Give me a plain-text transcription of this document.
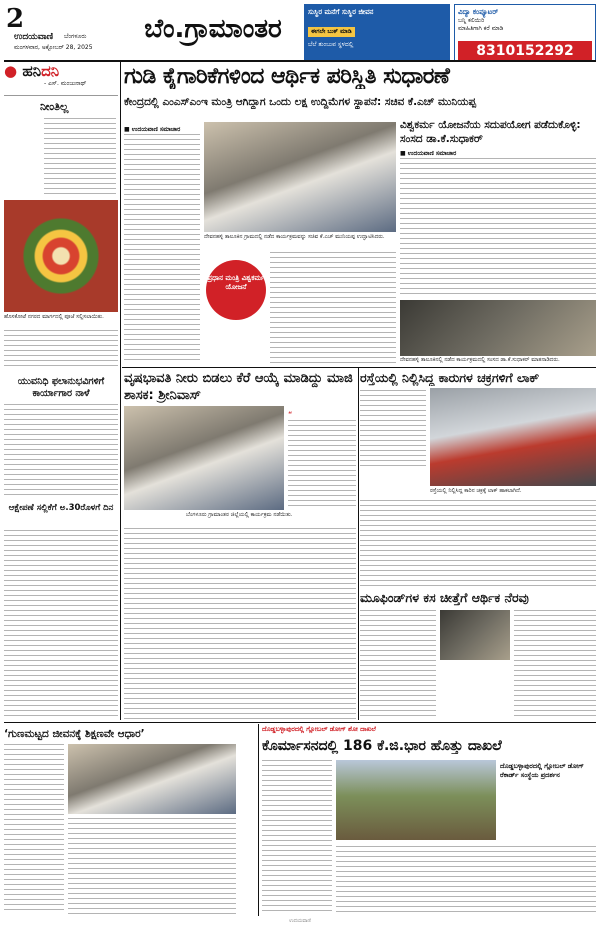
2
ಉದಯವಾಣಿ ಬೆಂಗಳೂರು
ಮಂಗಳವಾರ, ಅಕ್ಟೋಬರ್ 28, 2025
ಬೆಂ.ಗ್ರಾಮಾಂತರ
ಸುಸ್ಥಿರ ಮನೆಗೆ ಸುಸ್ಥಿರ ಜೀವನ
ಈಗಲೇ ಬುಕ್ ಮಾಡಿ
ಬೆಲೆ ತುಂಬುವ ಸ್ಥಳದಲ್ಲಿ
ವಿದ್ಯಾ ಕಂಪ್ಯೂಟರ್
ಬನ್ನಿ ಕಲಿಯಿರಿ
ಮಾಹಿತಿಗಾಗಿ ಕರೆ ಮಾಡಿ
8310152292
● ಹನಿದನಿ
- ಎಸ್. ಮಂಜುನಾಥ್
ನೀಂತಿಲ್ಲ
ಹೊಸಕೋಟೆ ನಗರದ ಮಾರ್ಗದಲ್ಲಿ ಪೂಜೆ ಸಲ್ಲಿಸಲಾಯಿತು.
ಯುವನಿಧಿ ಫಲಾನುಭವಿಗಳಿಗೆ ಕಾರ್ಯಾಗಾರ ನಾಳೆ
ಆಕ್ಷೇಪಣೆ ಸಲ್ಲಿಕೆಗೆ ಅ.30ರೊಳಗೆ ದಿನ
ಗುಡಿ ಕೈಗಾರಿಕೆಗಳಿಂದ ಆರ್ಥಿಕ ಪರಿಸ್ಥಿತಿ ಸುಧಾರಣೆ
ಕೇಂದ್ರದಲ್ಲಿ ಎಂಎಸ್ಎಂಇ ಮಂತ್ರಿ ಆಗಿದ್ದಾಗ ಒಂದು ಲಕ್ಷ ಉದ್ದಿಮೆಗಳ ಸ್ಥಾಪನೆ: ಸಚಿವ ಕೆ.ಎಚ್ ಮುನಿಯಪ್ಪ
■ ಉದಯವಾಣಿ ಸಮಾಚಾರ
ದೇವನಹಳ್ಳಿ ತಾಲೂಕಿನ ಗ್ರಾಮದಲ್ಲಿ ನಡೆದ ಕಾರ್ಯಕ್ರಮವನ್ನು ಸಚಿವ ಕೆ.ಎಚ್ ಮುನಿಯಪ್ಪ ಉದ್ಘಾಟಿಸಿದರು.
ಪ್ರಧಾನ ಮಂತ್ರಿ ವಿಶ್ವಕರ್ಮ ಯೋಜನೆ
ವಿಶ್ವಕರ್ಮ ಯೋಜನೆಯ ಸದುಪಯೋಗ ಪಡೆದುಕೊಳ್ಳಿ: ಸಂಸದ ಡಾ.ಕೆ.ಸುಧಾಕರ್
■ ಉದಯವಾಣಿ ಸಮಾಚಾರ
ದೇವನಹಳ್ಳಿ ತಾಲೂಕಿನಲ್ಲಿ ನಡೆದ ಕಾರ್ಯಕ್ರಮದಲ್ಲಿ ಸಂಸದ ಡಾ.ಕೆ.ಸುಧಾಕರ್ ಮಾತನಾಡಿದರು.
ವೃಷಭಾವತಿ ನೀರು ಬಿಡಲು ಕೆರೆ ಆಯ್ಕೆ ಮಾಡಿದ್ದು ಮಾಜಿ ಶಾಸಕ: ಶ್ರೀನಿವಾಸ್
“
ಬೆಂಗಳೂರು ಗ್ರಾಮಾಂತರ ಜಿಲ್ಲೆಯಲ್ಲಿ ಕಾರ್ಯಕ್ರಮ ನಡೆಯಿತು.
ರಸ್ತೆಯಲ್ಲಿ ನಿಲ್ಲಿಸಿದ್ದ ಕಾರುಗಳ ಚಕ್ರಗಳಿಗೆ ಲಾಕ್
ರಸ್ತೆಯಲ್ಲಿ ನಿಲ್ಲಿಸಿದ್ದ ಕಾರಿನ ಚಕ್ರಕ್ಕೆ ಲಾಕ್ ಹಾಕಲಾಗಿದೆ.
ಮೂಫಿಂಡ್‌ಗಳ ಕಸ ಚೀತ್ತೆಗೆ ಆರ್ಥಿಕ ನೆರವು
‘ಗುಣಮಟ್ಟದ ಜೀವನಕ್ಕೆ ಶಿಕ್ಷಣವೇ ಆಧಾರ’	ದೊಡ್ಡಬಳ್ಳಾಪುರದಲ್ಲಿ ಗ್ಲೋಬಲ್ ಡೋಗ್ ಶೋ ದಾಖಲೆ
ಕೊರ್ಮಾಸನದಲ್ಲಿ 186 ಕೆ.ಜಿ.ಭಾರ ಹೊತ್ತು ದಾಖಲೆ
ದೊಡ್ಡಬಳ್ಳಾಪುರದಲ್ಲಿ ಗ್ಲೋಬಲ್ ಡೋಗ್ ರೆಕಾರ್ಡ್ ಸಂಸ್ಥೆಯ ಪ್ರದರ್ಶನ
ಉದಯವಾಣಿ
